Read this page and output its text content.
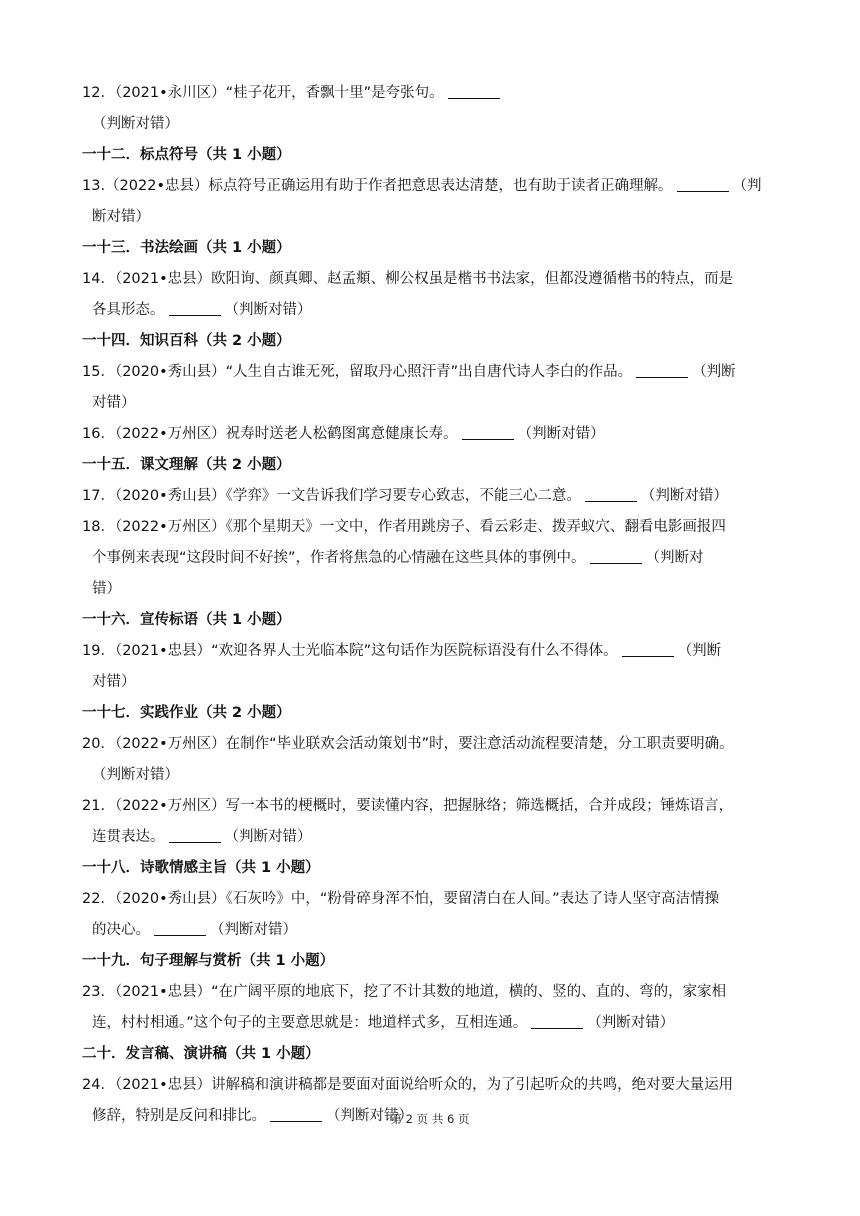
12．（2021•永川区）“桂子花开，香飘十里”是夸张句。
（判断对错）
一十二．标点符号（共 1 小题）
13.（2022•忠县）标点符号正确运用有助于作者把意思表达清楚，也有助于读者正确理解。	（判
断对错）
一十三．书法绘画（共 1 小题）
14．（2021•忠县）欧阳询、颜真卿、赵孟頫、柳公权虽是楷书书法家，但都没遵循楷书的特点，而是
各具形态。	（判断对错）
一十四．知识百科（共 2 小题）
15．（2020•秀山县）“人生自古谁无死，留取丹心照汗青”出自唐代诗人李白的作品。	（判断
对错）
16．（2022•万州区）祝寿时送老人松鹤图寓意健康长寿。	（判断对错）
一十五．课文理解（共 2 小题）
17．（2020•秀山县）《学弈》一文告诉我们学习要专心致志，不能三心二意。	（判断对错）
18．（2022•万州区）《那个星期天》一文中，作者用跳房子、看云彩走、拨弄蚁穴、翻看电影画报四
个事例来表现“这段时间不好挨”，作者将焦急的心情融在这些具体的事例中。	（判断对
错）
一十六．宣传标语（共 1 小题）
19．（2021•忠县）“欢迎各界人士光临本院”这句话作为医院标语没有什么不得体。	（判断
对错）
一十七．实践作业（共 2 小题）
20．（2022•万州区）在制作“毕业联欢会活动策划书”时，要注意活动流程要清楚，分工职责要明确。
（判断对错）
21．（2022•万州区）写一本书的梗概时，要读懂内容，把握脉络；筛选概括，合并成段；锤炼语言，
连贯表达。	（判断对错）
一十八．诗歌情感主旨（共 1 小题）
22．（2020•秀山县）《石灰吟》中，“粉骨碎身浑不怕，要留清白在人间。”表达了诗人坚守高洁情操
的决心。	（判断对错）
一十九．句子理解与赏析（共 1 小题）
23．（2021•忠县）“在广阔平原的地底下，挖了不计其数的地道，横的、竖的、直的、弯的，家家相
连，村村相通。”这个句子的主要意思就是：地道样式多，互相连通。	（判断对错）
二十．发言稿、演讲稿（共 1 小题）
24．（2021•忠县）讲解稿和演讲稿都是要面对面说给听众的，为了引起听众的共鸣，绝对要大量运用
修辞，特别是反问和排比。	（判断对错）
第 2 页 共 6 页
